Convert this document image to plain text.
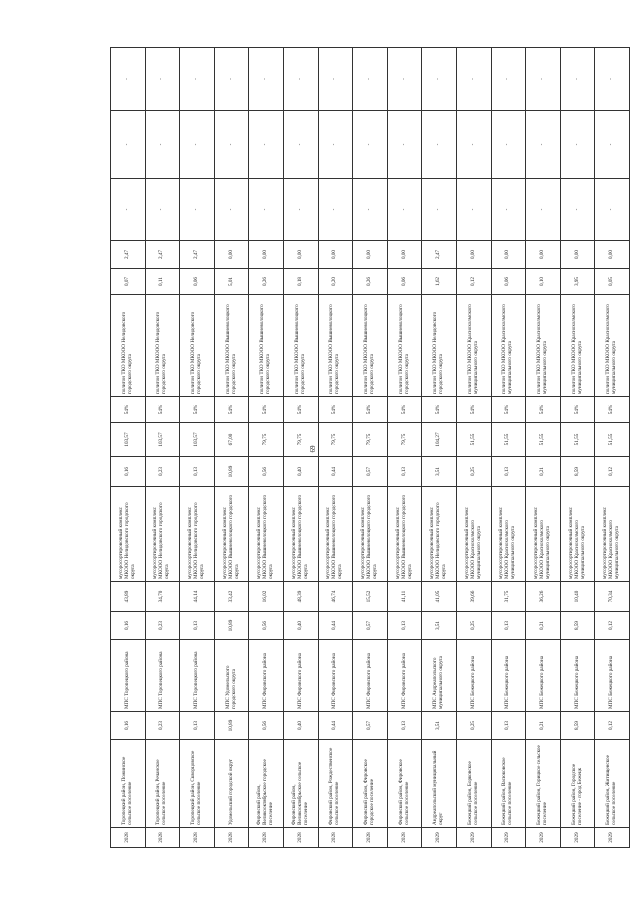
69
2028	Торопецкий район, Пожинское сельское поселение	0,16	МПС Торопецкого района	0,16	43,89	мусоросортировочный комплекс МКООО Нелидовского городского округа	0,16	103,57	54%	полигон ТКО МКООО Нелидовского городского округа	0,07	2,47	-	-	-
2028	Торопецкий район, Речанское сельское поселение	0,23	МПС Торопецкого района	0,23	34,70	мусоросортировочный комплекс МКООО Нелидовского городского округа	0,23	103,57	54%	полигон ТКО МКООО Нелидовского городского округа	0,11	2,47	-	-	-
2028	Торопецкий район, Скворцовское сельское поселение	0,13	МПС Торопецкого района	0,13	44,14	мусоросортировочный комплекс МКООО Нелидовского городского округа	0,13	103,57	54%	полигон ТКО МКООО Нелидовского городского округа	0,06	2,47	-	-	-
2028	Удомельский городской округ	10,89	МПС Удомельского городского округа	10,89	33,42	мусоросортировочный комплекс МКООО Вышневолоцкого городского округа	10,89	67,00	54%	полигон ТКО МКООО Вышневолоцкого городского округа	5,01	0,00	-	-	-
2028	Фировский район, Великооктябрьское городское поселение	0,56	МПС Фировского района	0,56	16,02	мусоросортировочный комплекс МКООО Вышневолоцкого городского округа	0,56	79,75	54%	полигон ТКО МКООО Вышневолоцкого городского округа	0,26	0,00	-	-	-
2028	Фировский район, Великооктябрьское сельское поселение	0,40	МПС Фировского района	0,40	48,39	мусоросортировочный комплекс МКООО Вышневолоцкого городского округа	0,40	79,75	54%	полигон ТКО МКООО Вышневолоцкого городского округа	0,18	0,00	-	-	-
2028	Фировский район, Рождественское сельское поселение	0,44	МПС Фировского района	0,44	46,74	мусоросортировочный комплекс МКООО Вышневолоцкого городского округа	0,44	79,75	54%	полигон ТКО МКООО Вышневолоцкого городского округа	0,20	0,00	-	-	-
2028	Фировский район, Фировское городское поселение	0,57	МПС Фировского района	0,57	15,52	мусоросортировочный комплекс МКООО Вышневолоцкого городского округа	0,57	79,75	54%	полигон ТКО МКООО Вышневолоцкого городского округа	0,26	0,00	-	-	-
2028	Фировский район, Фировское сельское поселение	0,13	МПС Фировского района	0,13	41,11	мусоросортировочный комплекс МКООО Вышневолоцкого городского округа	0,13	79,75	54%	полигон ТКО МКООО Вышневолоцкого городского округа	0,06	0,00	-	-	-
2029	Андреапольский муниципальный округ	3,51	МПС Андреапольского муниципального округа	3,51	41,05	мусоросортировочный комплекс МКООО Нелидовского городского округа	3,51	104,27	54%	полигон ТКО МКООО Нелидовского городского округа	1,62	2,47	-	-	-
2029	Бежецкий район, Борковское сельское поселение	0,25	МПС Бежецкого района	0,25	39,66	мусоросортировочный комплекс МКООО Краснохолмского муниципального округа	0,25	51,55	54%	полигон ТКО МКООО Краснохолмского муниципального округа	0,12	0,00	-	-	-
2029	Бежецкий район, Васюковское сельское поселение	0,13	МПС Бежецкого района	0,13	31,75	мусоросортировочный комплекс МКООО Краснохолмского муниципального округа	0,13	51,55	54%	полигон ТКО МКООО Краснохолмского муниципального округа	0,06	0,00	-	-	-
2029	Бежецкий район, Горицкое сельское поселение	0,21	МПС Бежецкого района	0,21	36,26	мусоросортировочный комплекс МКООО Краснохолмского муниципального округа	0,21	51,55	54%	полигон ТКО МКООО Краснохолмского муниципального округа	0,10	0,00	-	-	-
2029	Бежецкий район, Городское поселение - город Бежецк	8,59	МПС Бежецкого района	8,59	10,40	мусоросортировочный комплекс МКООО Краснохолмского муниципального округа	8,59	51,55	54%	полигон ТКО МКООО Краснохолмского муниципального округа	3,95	0,00	-	-	-
2029	Бежецкий район, Житищенское сельское поселение	0,12	МПС Бежецкого района	0,12	70,34	мусоросортировочный комплекс МКООО Краснохолмского муниципального округа	0,12	51,55	54%	полигон ТКО МКООО Краснохолмского муниципального округа	0,05	0,00	-	-	-
